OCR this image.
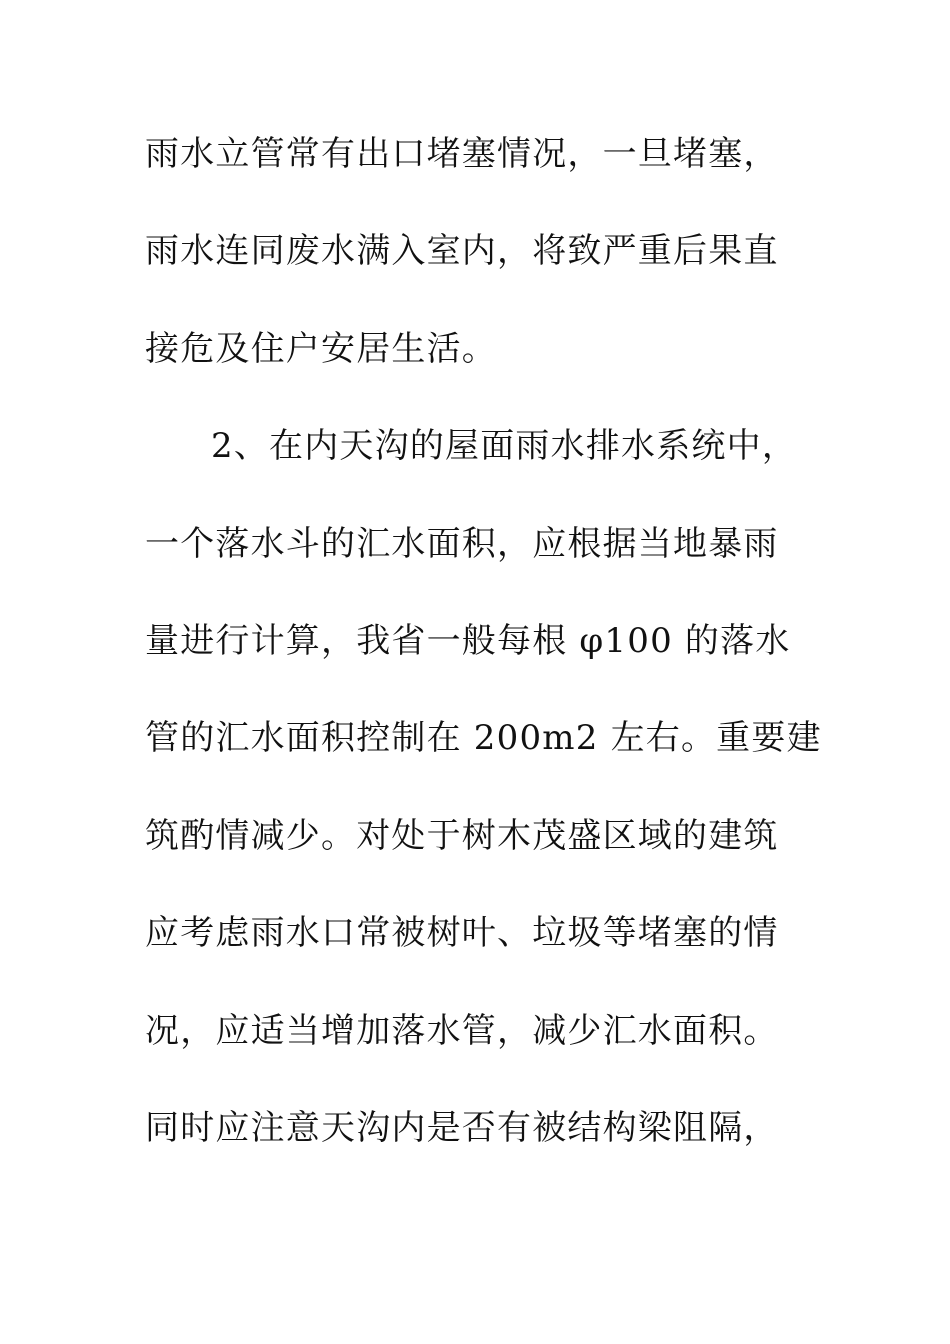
雨水立管常有出口堵塞情况，一旦堵塞，
雨水连同废水满入室内，将致严重后果直
接危及住户安居生活。
2、在内天沟的屋面雨水排水系统中，
一个落水斗的汇水面积，应根据当地暴雨
量进行计算，我省一般每根 φ100 的落水
管的汇水面积控制在 200m2 左右。重要建
筑酌情减少。对处于树木茂盛区域的建筑
应考虑雨水口常被树叶、垃圾等堵塞的情
况，应适当增加落水管，减少汇水面积。
同时应注意天沟内是否有被结构梁阻隔，
